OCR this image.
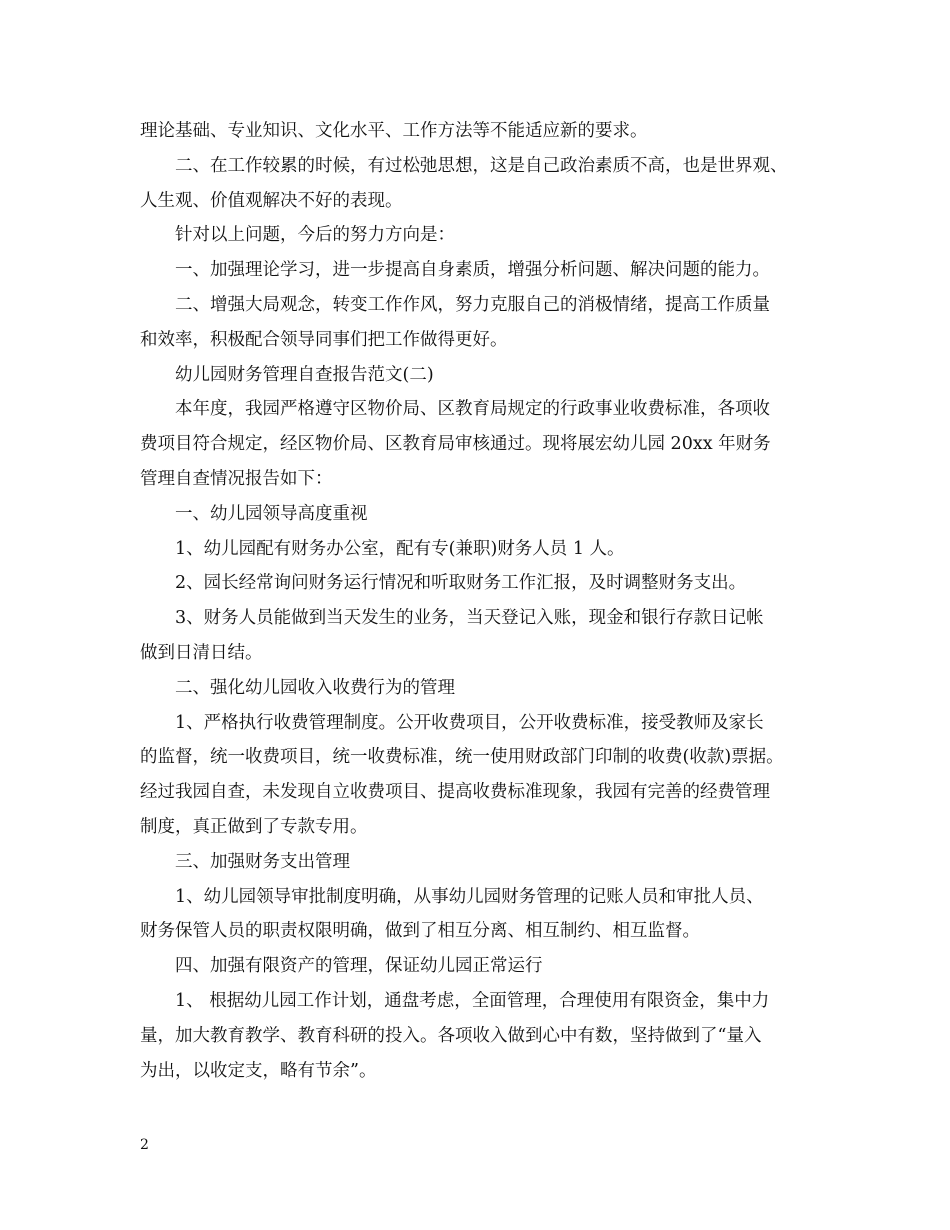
理论基础、专业知识、文化水平、工作方法等不能适应新的要求。
二、在工作较累的时候，有过松弛思想，这是自己政治素质不高，也是世界观、
人生观、价值观解决不好的表现。
针对以上问题，今后的努力方向是：
一、加强理论学习，进一步提高自身素质，增强分析问题、解决问题的能力。
二、增强大局观念，转变工作作风，努力克服自己的消极情绪，提高工作质量
和效率，积极配合领导同事们把工作做得更好。
幼儿园财务管理自查报告范文(二)
本年度，我园严格遵守区物价局、区教育局规定的行政事业收费标准，各项收
费项目符合规定，经区物价局、区教育局审核通过。现将展宏幼儿园 20xx 年财务
管理自查情况报告如下：
一、幼儿园领导高度重视
1、幼儿园配有财务办公室，配有专(兼职)财务人员 1 人。
2、园长经常询问财务运行情况和听取财务工作汇报，及时调整财务支出。
3、财务人员能做到当天发生的业务，当天登记入账，现金和银行存款日记帐
做到日清日结。
二、强化幼儿园收入收费行为的管理
1、严格执行收费管理制度。公开收费项目，公开收费标准，接受教师及家长
的监督，统一收费项目，统一收费标准，统一使用财政部门印制的收费(收款)票据。
经过我园自查，未发现自立收费项目、提高收费标准现象，我园有完善的经费管理
制度，真正做到了专款专用。
三、加强财务支出管理
1、幼儿园领导审批制度明确，从事幼儿园财务管理的记账人员和审批人员、
财务保管人员的职责权限明确，做到了相互分离、相互制约、相互监督。
四、加强有限资产的管理，保证幼儿园正常运行
1、 根据幼儿园工作计划，通盘考虑，全面管理，合理使用有限资金，集中力
量，加大教育教学、教育科研的投入。各项收入做到心中有数，坚持做到了“量入
为出，以收定支，略有节余”。
2
